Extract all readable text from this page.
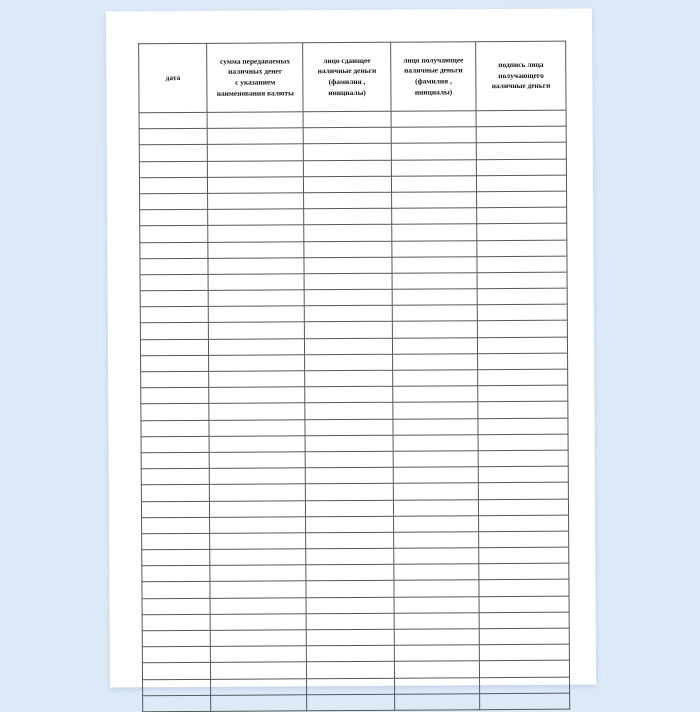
дата	сумма передаваемых
наличных денег
с указанием
наименования валюты	лицо сдающее
наличные деньги
(фамилия ,
инициалы)	лицо получающее
наличные деньги
(фамилия ,
инициалы)	подпись лица
получающего
наличные деньги
